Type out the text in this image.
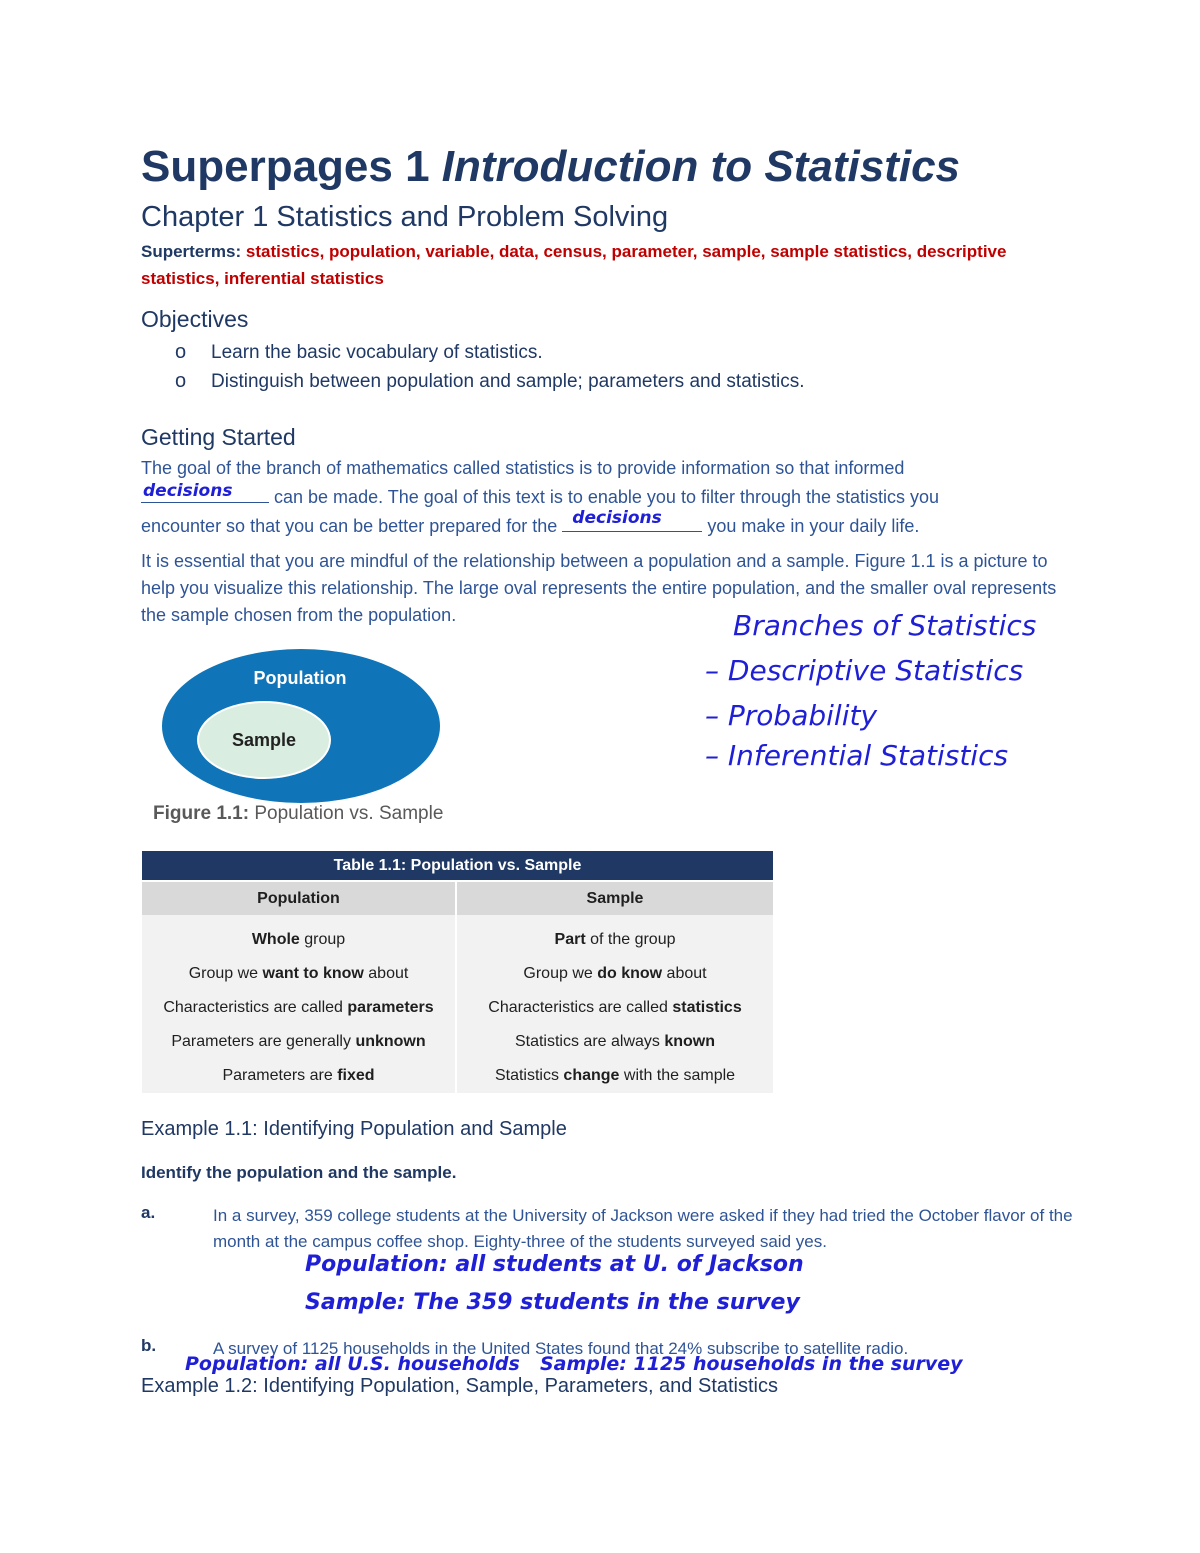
Superpages 1 Introduction to Statistics
Chapter 1 Statistics and Problem Solving
Superterms: statistics, population, variable, data, census, parameter, sample, sample statistics, descriptive statistics, inferential statistics
Objectives
o	Learn the basic vocabulary of statistics.
o	Distinguish between population and sample; parameters and statistics.
Getting Started
The goal of the branch of mathematics called statistics is to provide information so that informed
decisions can be made. The goal of this text is to enable you to filter through the statistics you
encounter so that you can be better prepared for the decisions	you make in your daily life.
It is essential that you are mindful of the relationship between a population and a sample. Figure 1.1 is a picture to help you visualize this relationship. The large oval represents the entire population, and the smaller oval represents the sample chosen from the population.
Population
Sample
Figure 1.1: Population vs. Sample
Branches of Statistics
– Descriptive Statistics
– Probability
– Inferential Statistics
Table 1.1: Population vs. Sample	
Population	Sample
Whole group	Part of the group
Group we want to know about	Group we do know about
Characteristics are called parameters	Characteristics are called statistics
Parameters are generally unknown	Statistics are always known
Parameters are fixed	Statistics change with the sample
Example 1.1: Identifying Population and Sample
Identify the population and the sample.
a.	In a survey, 359 college students at the University of Jackson were asked if they had tried the October flavor of the month at the campus coffee shop. Eighty-three of the students surveyed said yes.
Population: all students at U. of Jackson
Sample: The 359 students in the survey
b.	A survey of 1125 households in the United States found that 24% subscribe to satellite radio.
Example 1.2: Identifying Population, Sample, Parameters, and Statistics
Population: all U.S. households Sample: 1125 households in the survey
